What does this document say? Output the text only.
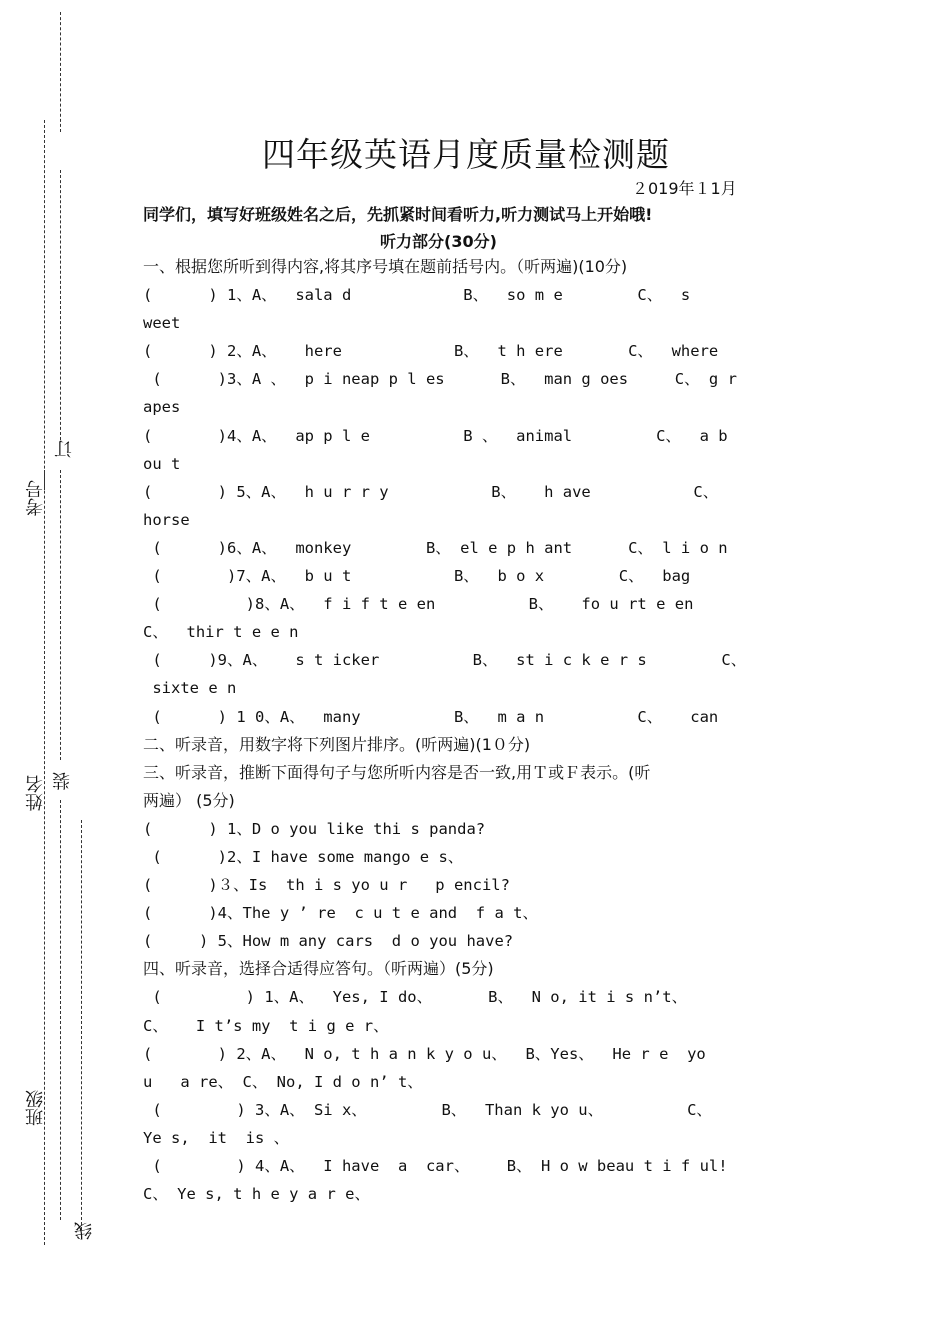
考号
订
姓名 装
班级
线
四年级英语月度质量检测题
２019年１1月
同学们，填写好班级姓名之后，先抓紧时间看听力,听力测试马上开始哦!
听力部分(30分)
一、根据您所听到得内容,将其序号填在题前括号内。（听两遍)(10分)
(      ) 1、A、  sala d            B、  so m e        C、  s
weet
(      ) 2、A、   here            B、  t h ere       C、  where
(      )3、A 、  p i neap p l es      B、  man g oes     C、 g r
apes
(       )4、A、  ap p l e          B 、  animal         C、  a b
ou t
(       ) 5、A、  h u r r y           B、   h ave           C、
horse
(      )6、A、  monkey        B、 el e p h ant      C、 l i o n
(       )7、A、  b u t           B、  b o x        C、  bag
(         )8、A、  f i f t e en          B、   fo u rt e en
C、  thir t e e n
(     )9、A、   s t icker          B、  st i c k e r s        C、
sixte e n
(      ) 1 0、A、  many          B、  m a n          C、   can
二、听录音，用数字将下列图片排序。(听两遍)(1０分)
三、听录音，推断下面得句子与您所听内容是否一致,用Ｔ或Ｆ表示。(听
两遍） (5分)
(      ) 1、D o you like thi s panda?
(      )2、I have some mango e s、
(      )３、Is  th i s yo u r   p encil?
(      )4、The y ’ re  c u t e and  f a t、
(     ) 5、How m any cars  d o you have?
四、听录音，选择合适得应答句。（听两遍）(5分)
(         ) 1、A、  Yes, I do、      B、  N o, it i s n’t、
C、   I t’s my  t i g e r、
(       ) 2、A、  N o, t h a n k y o u、  B、Yes、  He r e  yo
u   a re、 C、 No, I d o n’ t、
(        ) 3、A、 Si x、        B、  Than k yo u、         C、
Ye s,  it  is 、
(        ) 4、A、  I have  a  car、    B、 H o w beau t i f ul!
C、 Ye s, t h e y a r e、
